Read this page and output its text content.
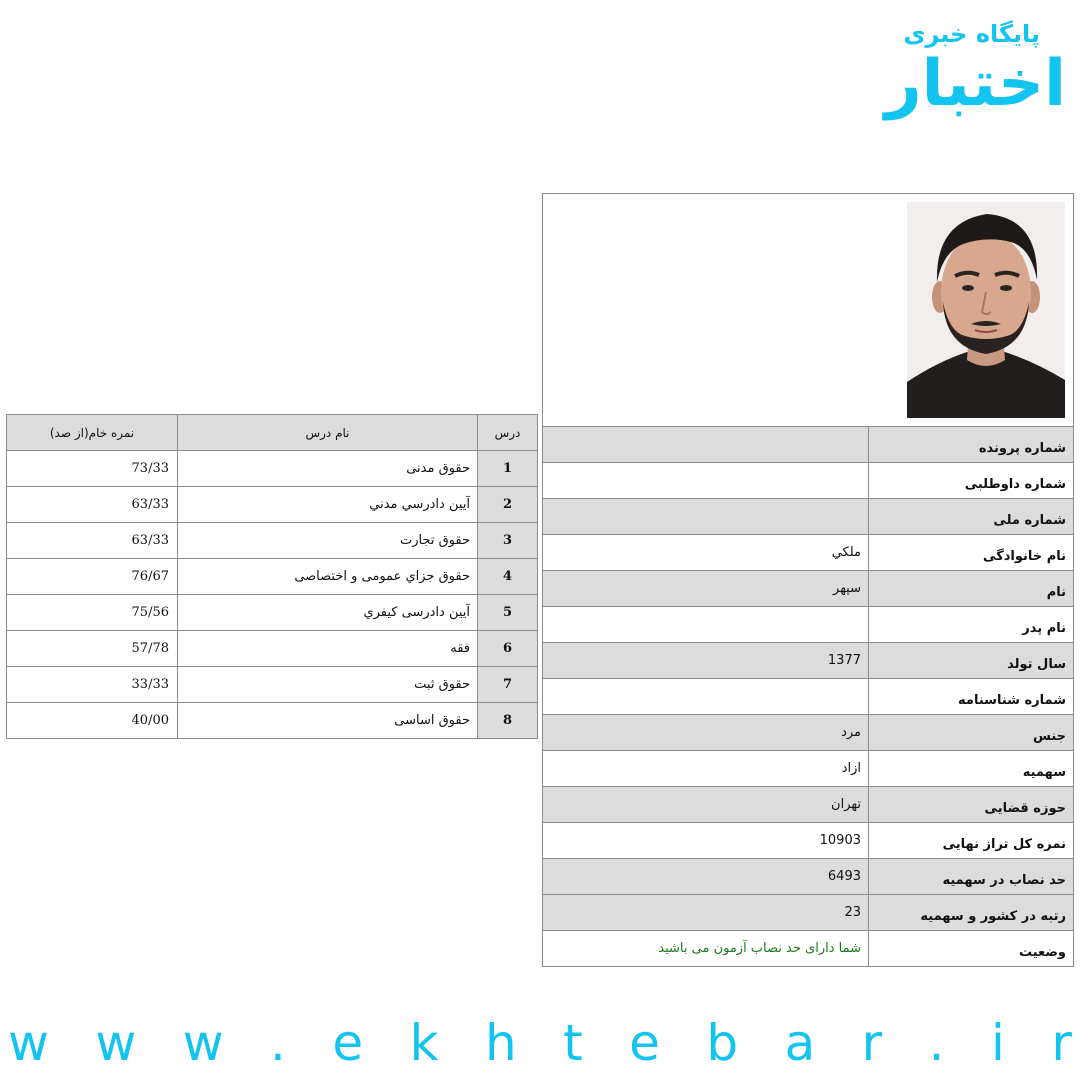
پایگاه خبری
اختبار
شماره پرونده
شماره داوطلبی
شماره ملی
نام خانوادگی
ملكي
نام
سپهر
نام پدر
سال تولد
1377
شماره شناسنامه
جنس
مرد
سهمیه
ازاد
حوزه قضایی
تهران
نمره کل تراز نهایی
10903
حد نصاب در سهمیه
6493
رتبه در کشور و سهمیه
23
وضعیت
شما دارای حد نصاب آزمون می باشید
درس
نام درس
نمره خام(از صد)
1
حقوق مدنی
73/33
2
آيين دادرسي مدني
63/33
3
حقوق تجارت
63/33
4
حقوق جزاي عمومی و اختصاصی
76/67
5
آيين دادرسی کیفري
75/56
6
فقه
57/78
7
حقوق ثبت
33/33
8
حقوق اساسی
40/00
w w w . e k h t e b a r . i r
